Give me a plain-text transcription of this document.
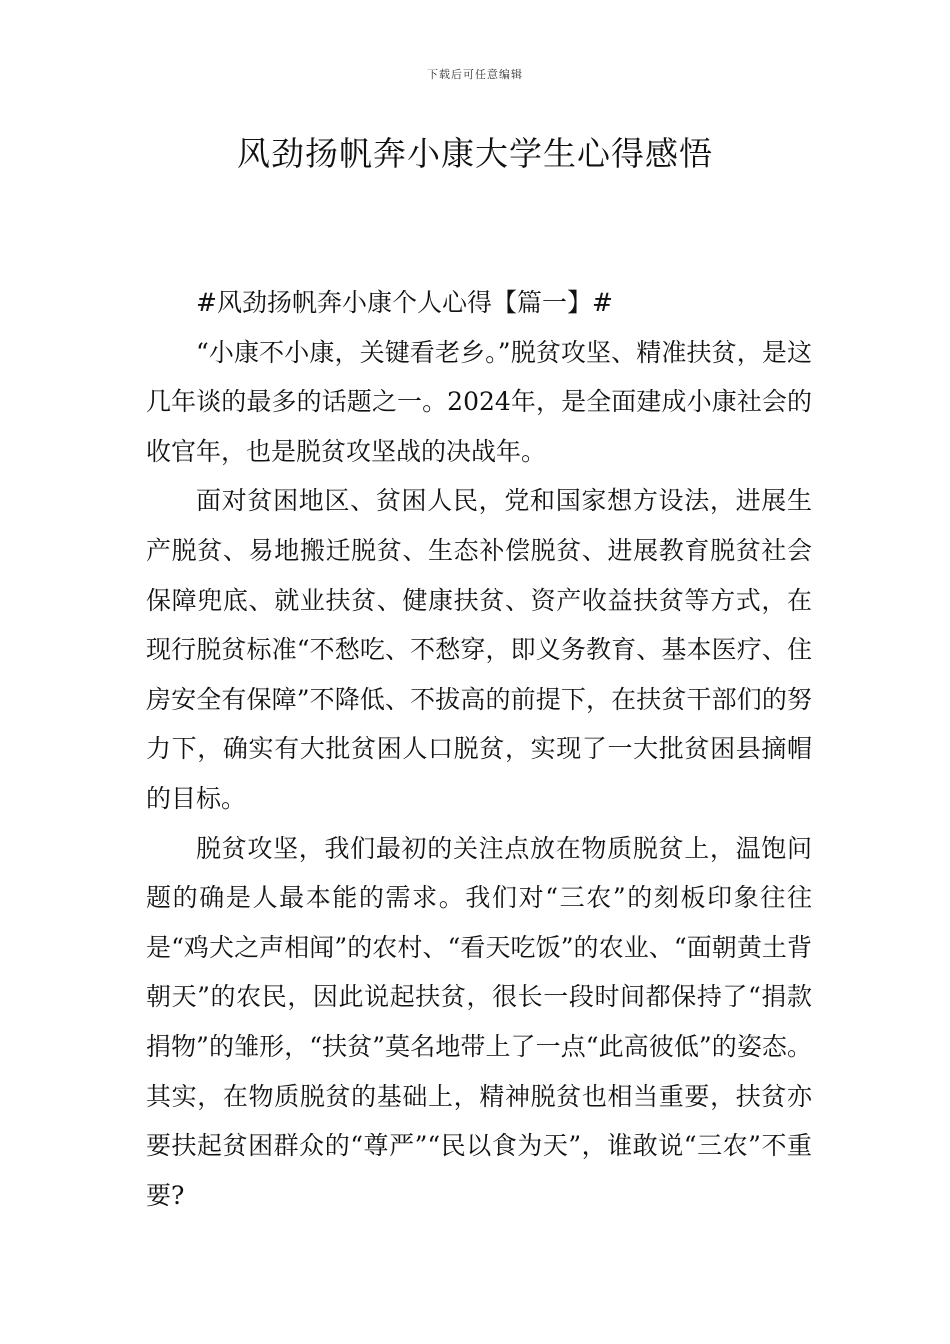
下载后可任意编辑
风劲扬帆奔小康大学生心得感悟

#风劲扬帆奔小康个人心得【篇一】#

“小康不小康，关键看老乡。”脱贫攻坚、精准扶贫，是这几年谈的最多的话题之一。2024年，是全面建成小康社会的收官年，也是脱贫攻坚战的决战年。

面对贫困地区、贫困人民，党和国家想方设法，进展生产脱贫、易地搬迁脱贫、生态补偿脱贫、进展教育脱贫社会保障兜底、就业扶贫、健康扶贫、资产收益扶贫等方式，在现行脱贫标准“不愁吃、不愁穿，即义务教育、基本医疗、住房安全有保障”不降低、不拔高的前提下，在扶贫干部们的努力下，确实有大批贫困人口脱贫，实现了一大批贫困县摘帽的目标。

脱贫攻坚，我们最初的关注点放在物质脱贫上，温饱问题的确是人最本能的需求。我们对“三农”的刻板印象往往是“鸡犬之声相闻”的农村、“看天吃饭”的农业、“面朝黄土背朝天”的农民，因此说起扶贫，很长一段时间都保持了“捐款捐物”的雏形，“扶贫”莫名地带上了一点“此高彼低”的姿态。其实，在物质脱贫的基础上，精神脱贫也相当重要，扶贫亦要扶起贫困群众的“尊严”“民以食为天”，谁敢说“三农”不重要?
